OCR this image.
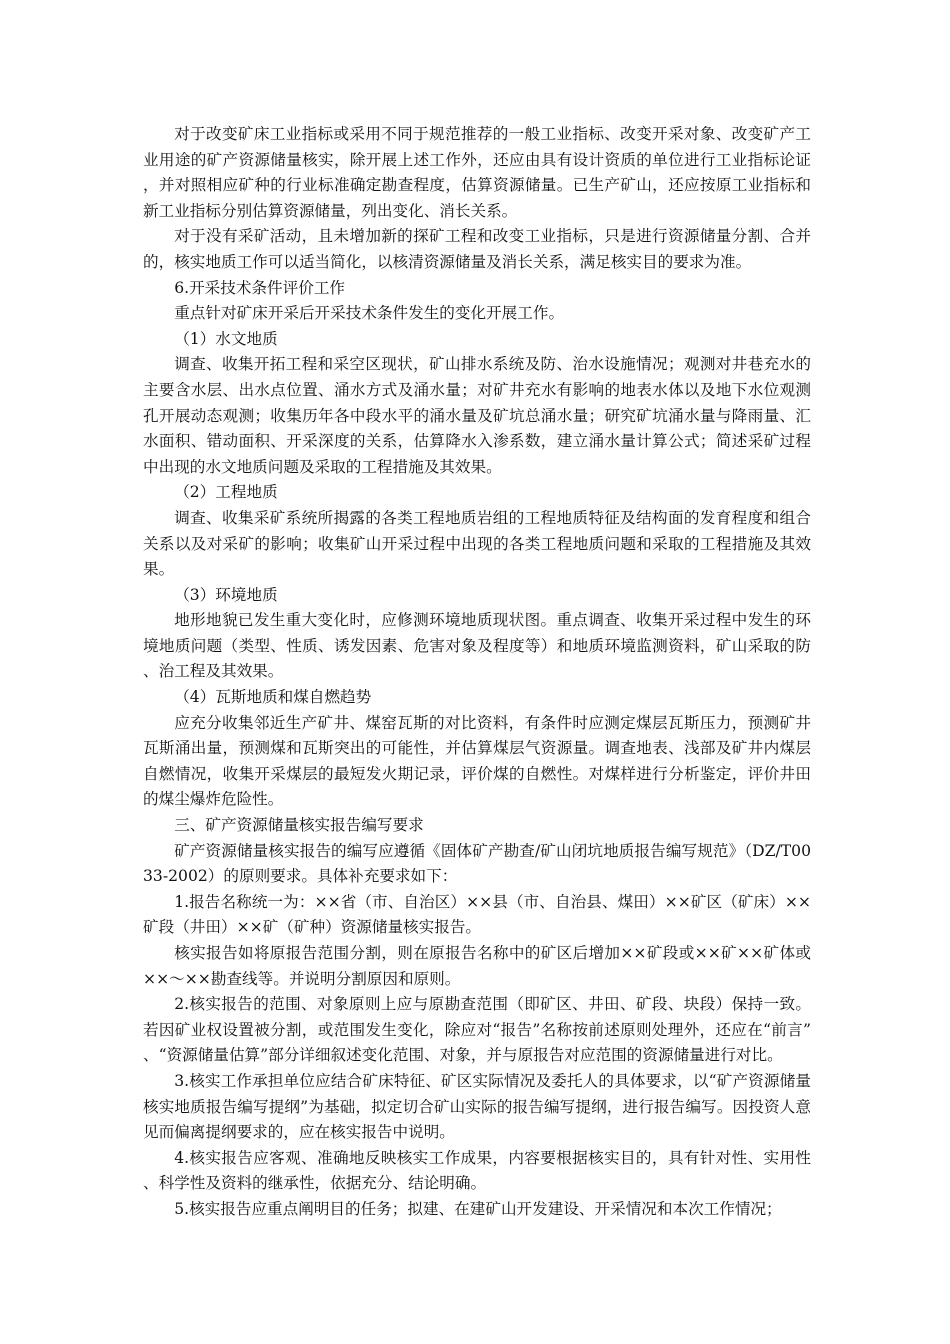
对于改变矿床工业指标或采用不同于规范推荐的一般工业指标、改变开采对象、改变矿产工业用途的矿产资源储量核实，除开展上述工作外，还应由具有设计资质的单位进行工业指标论证，并对照相应矿种的行业标准确定勘查程度，估算资源储量。已生产矿山，还应按原工业指标和新工业指标分别估算资源储量，列出变化、消长关系。

对于没有采矿活动，且未增加新的探矿工程和改变工业指标，只是进行资源储量分割、合并的，核实地质工作可以适当简化，以核清资源储量及消长关系，满足核实目的要求为准。

6.开采技术条件评价工作

重点针对矿床开采后开采技术条件发生的变化开展工作。

（1）水文地质

调查、收集开拓工程和采空区现状，矿山排水系统及防、治水设施情况；观测对井巷充水的主要含水层、出水点位置、涌水方式及涌水量；对矿井充水有影响的地表水体以及地下水位观测孔开展动态观测；收集历年各中段水平的涌水量及矿坑总涌水量；研究矿坑涌水量与降雨量、汇水面积、错动面积、开采深度的关系，估算降水入渗系数，建立涌水量计算公式；简述采矿过程中出现的水文地质问题及采取的工程措施及其效果。

（2）工程地质

调查、收集采矿系统所揭露的各类工程地质岩组的工程地质特征及结构面的发育程度和组合关系以及对采矿的影响；收集矿山开采过程中出现的各类工程地质问题和采取的工程措施及其效果。

（3）环境地质

地形地貌已发生重大变化时，应修测环境地质现状图。重点调查、收集开采过程中发生的环境地质问题（类型、性质、诱发因素、危害对象及程度等）和地质环境监测资料，矿山采取的防、治工程及其效果。

（4）瓦斯地质和煤自燃趋势

应充分收集邻近生产矿井、煤窑瓦斯的对比资料，有条件时应测定煤层瓦斯压力，预测矿井瓦斯涌出量，预测煤和瓦斯突出的可能性，并估算煤层气资源量。调查地表、浅部及矿井内煤层自燃情况，收集开采煤层的最短发火期记录，评价煤的自燃性。对煤样进行分析鉴定，评价井田的煤尘爆炸危险性。

三、矿产资源储量核实报告编写要求

矿产资源储量核实报告的编写应遵循《固体矿产勘查/矿山闭坑地质报告编写规范》（DZ/T0033-2002）的原则要求。具体补充要求如下：

1.报告名称统一为：××省（市、自治区）××县（市、自治县、煤田）××矿区（矿床）××矿段（井田）××矿（矿种）资源储量核实报告。

核实报告如将原报告范围分割，则在原报告名称中的矿区后增加××矿段或××矿××矿体或××～××勘查线等。并说明分割原因和原则。

2.核实报告的范围、对象原则上应与原勘查范围（即矿区、井田、矿段、块段）保持一致。若因矿业权设置被分割，或范围发生变化，除应对“报告”名称按前述原则处理外，还应在“前言”、“资源储量估算”部分详细叙述变化范围、对象，并与原报告对应范围的资源储量进行对比。

3.核实工作承担单位应结合矿床特征、矿区实际情况及委托人的具体要求，以“矿产资源储量核实地质报告编写提纲”为基础，拟定切合矿山实际的报告编写提纲，进行报告编写。因投资人意见而偏离提纲要求的，应在核实报告中说明。

4.核实报告应客观、准确地反映核实工作成果，内容要根据核实目的，具有针对性、实用性、科学性及资料的继承性，依据充分、结论明确。

5.核实报告应重点阐明目的任务；拟建、在建矿山开发建设、开采情况和本次工作情况；
